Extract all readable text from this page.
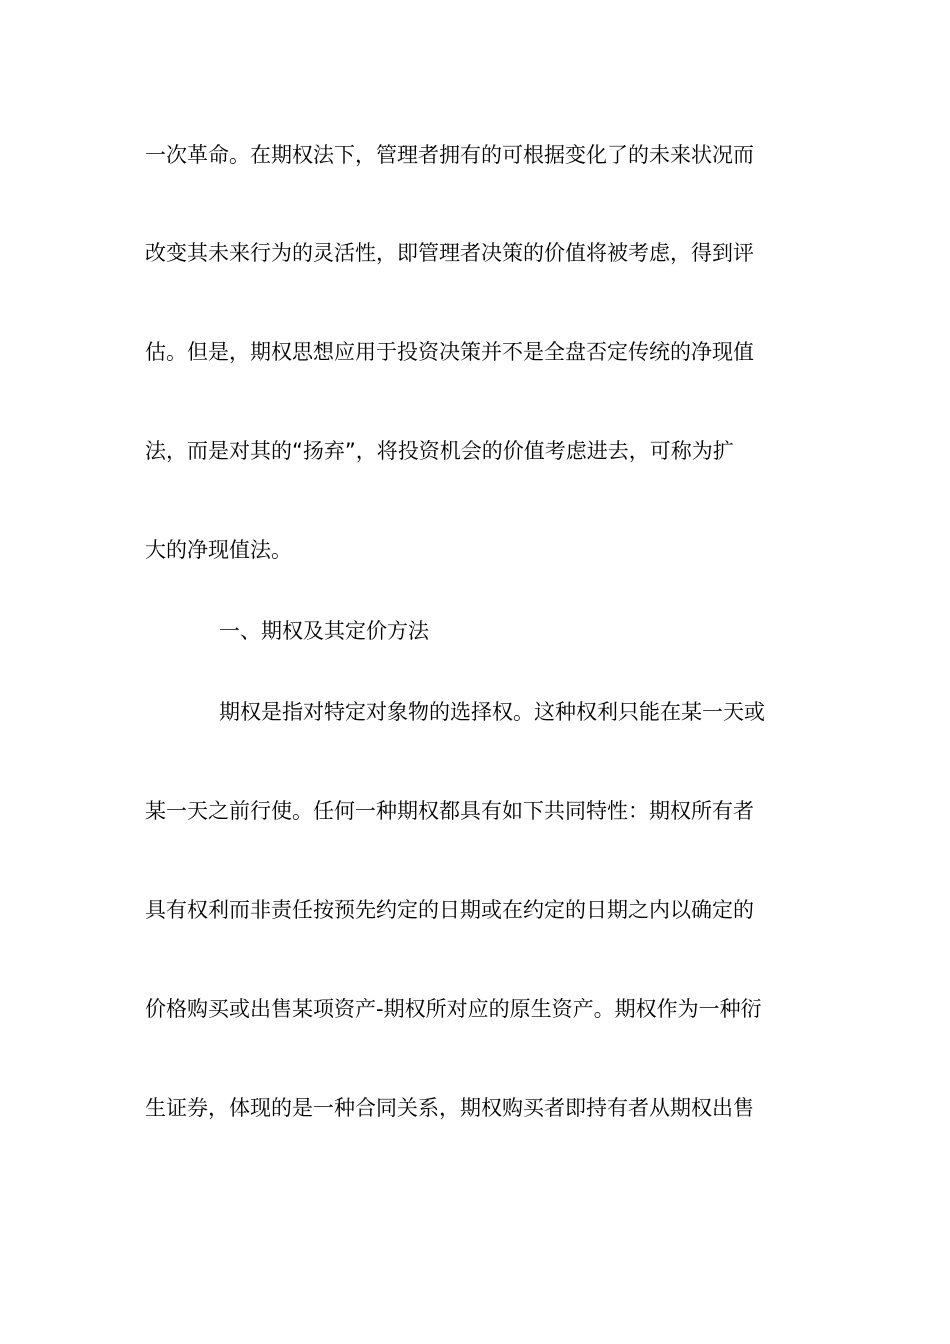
一次革命。在期权法下，管理者拥有的可根据变化了的未来状况而
改变其未来行为的灵活性，即管理者决策的价值将被考虑，得到评
估。但是，期权思想应用于投资决策并不是全盘否定传统的净现值
法，而是对其的“扬弃”，将投资机会的价值考虑进去，可称为扩
大的净现值法。
一、期权及其定价方法
期权是指对特定对象物的选择权。这种权利只能在某一天或
某一天之前行使。任何一种期权都具有如下共同特性：期权所有者
具有权利而非责任按预先约定的日期或在约定的日期之内以确定的
价格购买或出售某项资产-期权所对应的原生资产。期权作为一种衍
生证券，体现的是一种合同关系，期权购买者即持有者从期权出售
